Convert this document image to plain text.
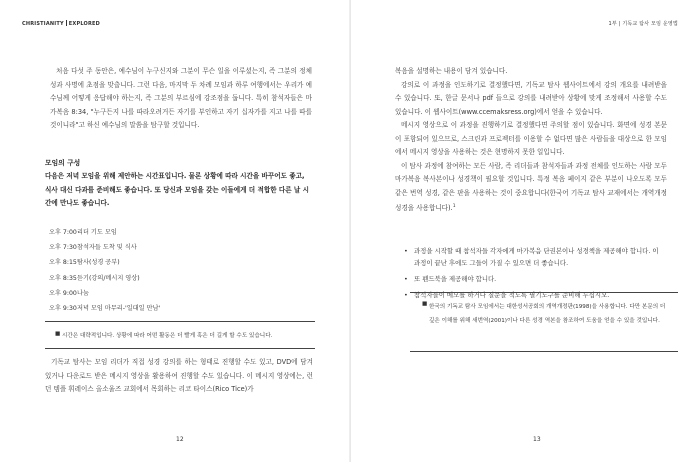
CHRISTIANITY EXPLORED

처음 다섯 주 동안은, 예수님이 누구신지와 그분이 무슨 일을 이루셨는지, 즉 그분의 정체성과 사명에 초점을 맞춥니다. 그런 다음, 마지막 두 차례 모임과 하루 여행에서는 우리가 예수님께 어떻게 응답해야 하는지, 즉 그분의 부르심에 강조점을 둡니다. 특히 참석자들은 마가복음 8:34, "누구든지 나를 따라오려거든 자기를 부인하고 자기 십자가를 지고 나를 따를 것이니라"고 하신 예수님의 말씀을 탐구할 것입니다.

모임의 구성
다음은 저녁 모임을 위해 제안하는 시간표입니다. 물론 상황에 따라 시간을 바꾸어도 좋고, 식사 대신 다과를 준비해도 좋습니다. 또 당신과 모임을 갖는 이들에게 더 적합한 다른 날 시간에 만나도 좋습니다.
오후 7:00리더 기도 모임
오후 7:30참석자들 도착 및 식사
오후 8:15탐사(성경 공부)
오후 8:35듣기(강의/메시지 영상)
오후 9:00나눔
오후 9:30저녁 모임 마무리-'일대일 만남'
■ 시간은 대략적입니다. 상황에 따라 어떤 활동은 더 빨게 혹은 더 길게 할 수도 있습니다.

기독교 탐사는 모임 리더가 직접 성경 강의를 하는 형태로 진행할 수도 있고, DVD에 담겨 있거나 다운로드 받은 메시지 영상을 활용하여 진행할 수도 있습니다. 이 메시지 영상에는, 런던 템플 휘레이스 올소울즈 교회에서 목회하는 리코 타이스(Rico Tice)가

12
1부 | 기독교 탐사 모임 운영법

복음을 설명하는 내용이 담겨 있습니다.

강의로 이 과정을 인도하기로 결정했다면, 기독교 탐사 웹사이트에서 강의 개요를 내려받을 수 있습니다. 또, 한글 문서나 pdf 들으로 강의를 내려받아 상황에 맞게 조정해서 사용할 수도 있습니다. 이 웹사이트(www.ccemaksress.org)에서 얻을 수 있습니다.

메시지 영상으로 이 과정을 진행하기로 결정했다면 주의할 점이 있습니다. 화면에 성경 본문이 포함되어 있으므로, 스크린과 프로젝터를 이용할 수 없다면 많은 사람들을 대상으로 한 모임에서 메시지 영상을 사용하는 것은 현명하지 못한 일입니다.

이 탐사 과정에 참여하는 모든 사람, 즉 리더들과 참석자들과 과정 전체를 인도하는 사람 모두 마가복음 복사본이나 성경책이 필요할 것입니다. 특정 복음 페이지 같은 부분이 나오도록 모두 같은 번역 성경, 같은 판을 사용하는 것이 중요합니다(한국어 기독교 탐사 교재에서는 개역개정 성경을 사용합니다).$^1$

• 과정을 시작할 때 참석자들 각자에게 마가복음 단권본이나 성경책을 제공해야 합니다. 이 과정이 끝난 후에도 그들이 가질 수 있으면 더 좋습니다.
• 또 펜드북을 제공해야 합니다.
• 참석자들이 메모를 하거나 질문을 적도록 필기도구를 준비해 두십시오.
■ 한국의 기독교 탐사 모임에서는 대한성서공회의 개역개정판(1998)을 사용합니다. 다만 본문의 더 깊은 이해를 위해 새번역(2001)이나 다른 성경 역본을 참조하여 도움을 얻을 수 있을 것입니다.
13
